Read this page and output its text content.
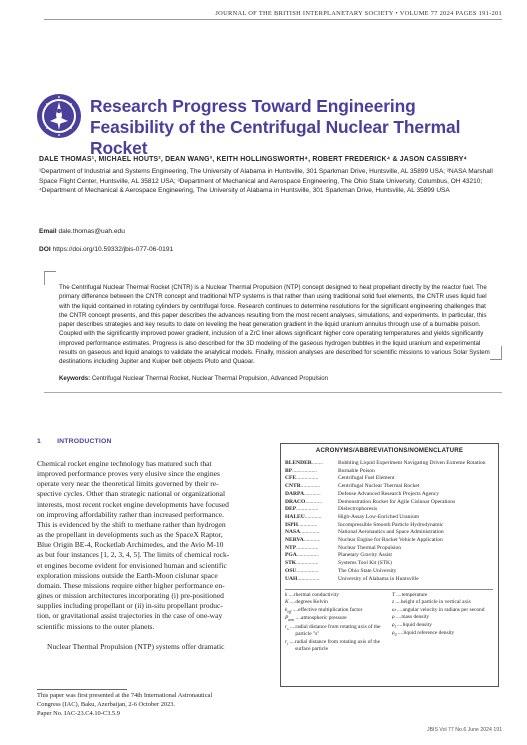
JOURNAL OF THE BRITISH INTERPLANETARY SOCIETY • VOLUME 77 2024 PAGES 191-201
Research Progress Toward Engineering Feasibility of the Centrifugal Nuclear Thermal Rocket
DALE THOMAS¹, MICHAEL HOUTS², DEAN WANG³, KEITH HOLLINGSWORTH⁴, ROBERT FREDERICK⁴ & JASON CASSIBRY⁴
¹Department of Industrial and Systems Engineering, The University of Alabama in Huntsville, 301 Sparkman Drive, Huntsville, AL 35899 USA; ²NASA Marshall Space Flight Center, Huntsville, AL 35812 USA; ³Department of Mechanical and Aerospace Engineering, The Ohio State University, Columbus, OH 43210; ⁴Department of Mechanical & Aerospace Engineering, The University of Alabama in Huntsville, 301 Sparkman Drive, Huntsville, AL 35899 USA
Email dale.thomas@uah.edu
DOI https://doi.org/10.59332/jbis-077-06-0191

The Centrifugal Nuclear Thermal Rocket (CNTR) is a Nuclear Thermal Propulsion (NTP) concept designed to heat propellant directly by the reactor fuel. The primary difference between the CNTR concept and traditional NTP systems is that rather than using traditional solid fuel elements, the CNTR uses liquid fuel with the liquid contained in rotating cylinders by centrifugal force. Research continues to determine resolutions for the significant engineering challenges that the CNTR concept presents, and this paper describes the advances resulting from the most recent analyses, simulations, and experiments. In particular, this paper describes strategies and key results to date on leveling the heat generation gradient in the liquid uranium annulus through use of a burnable poison. Coupled with the significantly improved power gradient, inclusion of a ZrC liner allows significant higher core operating temperatures and yields significantly improved performance estimates. Progress is also described for the 3D modeling of the gaseous hydrogen bubbles in the liquid uranium and experimental results on gaseous and liquid analogs to validate the analytical models. Finally, mission analyses are described for scientific missions to various Solar System destinations including Jupiter and Kuiper belt objects Pluto and Quaoar.

Keywords: Centrifugal Nuclear Thermal Rocket, Nuclear Thermal Propulsion, Advanced Propulsion
1 INTRODUCTION
Chemical rocket engine technology has matured such that
improved performance proves very elusive since the engines
operate very near the theoretical limits governed by their re-
spective cycles. Other than strategic national or organizational
interests, most recent rocket engine developments have focused
on improving affordability rather than increased performance.
This is evidenced by the shift to methane rather than hydrogen
as the propellant in developments such as the SpaceX Raptor,
Blue Origin BE-4, Rocketlab Archimedes, and the Avio M-10
as but four instances [1, 2, 3, 4, 5]. The limits of chemical rock-
et engines become evident for envisioned human and scientific
exploration missions outside the Earth-Moon cislunar space
domain. These missions require either higher performance en-
gines or mission architectures incorporating (i) pre-positioned
supplies including propellant or (ii) in-situ propellant produc-
tion, or gravitational assist trajectories in the case of one-way
scientific missions to the outer planets.
Nuclear Thermal Propulsion (NTP) systems offer dramatic
This paper was first presented at the 74th International Astronautical
Congress (IAC), Baku, Azerbaijan, 2-6 October 2023.
Paper No. IAC-23.C4.10-C3.5.9
ACRONYMS/ABBREVIATIONS/NOMENCLATURE
BLENDER........	Bubbling Liquid Experiment Navigating Driven Extreme Rotation
BP..................	Burnable Poison
CFE................	Centrifugal Fuel Element
CNTR..............	Centrifugal Nuclear Thermal Rocket
DARPA............	Defense Advanced Research Projects Agency
DRACO............	Demonstration Rocket for Agile Cislunar Operations
DEP................	Dielectrophoresis
HALEU............	High-Assay Low-Enriched Uranium
ISPH..............	Incompressible Smooth Particle Hydrodynamic
NASA..............	National Aeronautics and Space Administration
NERVA............	Nuclear Engine for Rocket Vehicle Application
NTP................	Nuclear Thermal Propulsion
PGA................	Planetary Gravity Assist
STK................	Systems Tool Kit (STK)
OSU................	The Ohio State University
UAH................	University of Alabama in Huntsville
k .... thermal conductivity
K .... degrees Kelvin
$k_{eff}$ .... effective multiplication factor
$P_{atm}$ .... atmospheric pressure
$r_s$ .... radial distance from rotating axis of the particle "s"
$r_i$ .... radial distance from rotating axis of the surface particle
T .... temperature
z .... height of particle in vertical axis
ω .... angular velocity in radians per second
ρ .... mass density
$\rho_l$ .... liquid density
$\rho_0$ .... liquid reference density
JBIS Vol 77 No.6 June 2024 191
